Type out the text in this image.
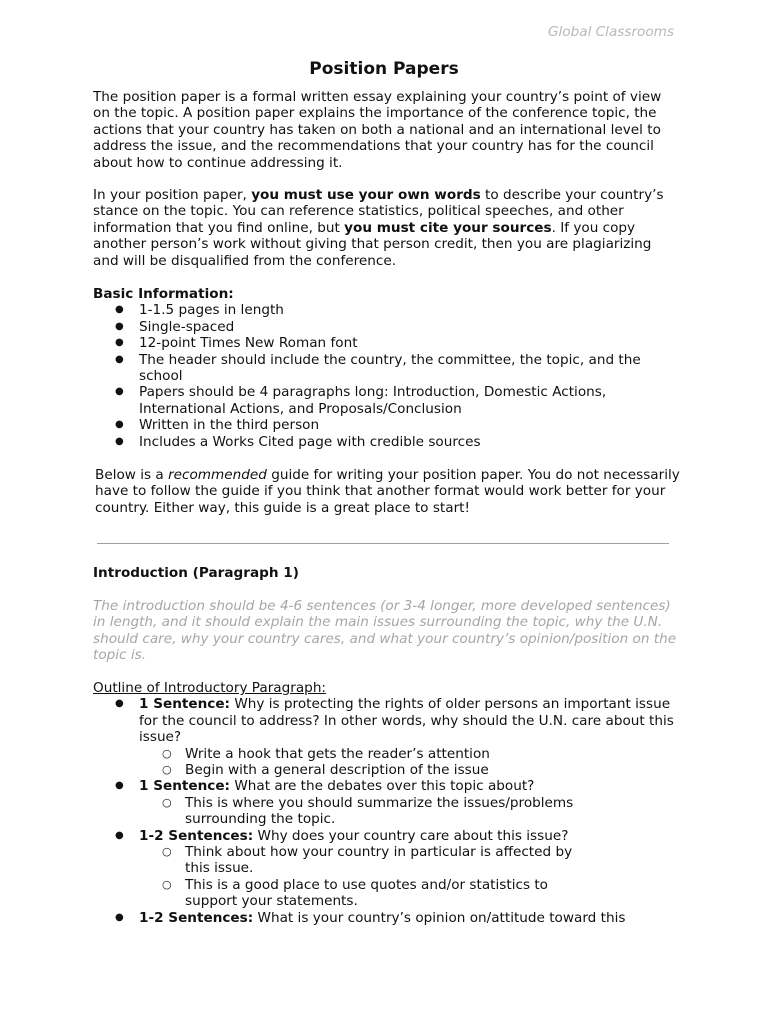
Global Classrooms
Position Papers

The position paper is a formal written essay explaining your country’s point of view on the topic. A position paper explains the importance of the conference topic, the actions that your country has taken on both a national and an international level to address the issue, and the recommendations that your country has for the council about how to continue addressing it.

In your position paper, you must use your own words to describe your country’s stance on the topic. You can reference statistics, political speeches, and other information that you find online, but you must cite your sources. If you copy another person’s work without giving that person credit, then you are plagiarizing and will be disqualified from the conference.

Basic Information:

● 1-1.5 pages in length
● Single-spaced
● 12-point Times New Roman font
● The header should include the country, the committee, the topic, and the school
● Papers should be 4 paragraphs long: Introduction, Domestic Actions, International Actions, and Proposals/Conclusion
● Written in the third person
● Includes a Works Cited page with credible sources

Below is a recommended guide for writing your position paper. You do not necessarily have to follow the guide if you think that another format would work better for your country. Either way, this guide is a great place to start!

Introduction (Paragraph 1)

The introduction should be 4-6 sentences (or 3-4 longer, more developed sentences) in length, and it should explain the main issues surrounding the topic, why the U.N. should care, why your country cares, and what your country’s opinion/position on the topic is.

Outline of Introductory Paragraph:

● 1 Sentence: Why is protecting the rights of older persons an important issue for the council to address? In other words, why should the U.N. care about this issue?
○ Write a hook that gets the reader’s attention
○ Begin with a general description of the issue
● 1 Sentence: What are the debates over this topic about?
○ This is where you should summarize the issues/problems surrounding the topic.
● 1-2 Sentences: Why does your country care about this issue?
○ Think about how your country in particular is affected by this issue.
○ This is a good place to use quotes and/or statistics to support your statements.
● 1-2 Sentences: What is your country’s opinion on/attitude toward this
